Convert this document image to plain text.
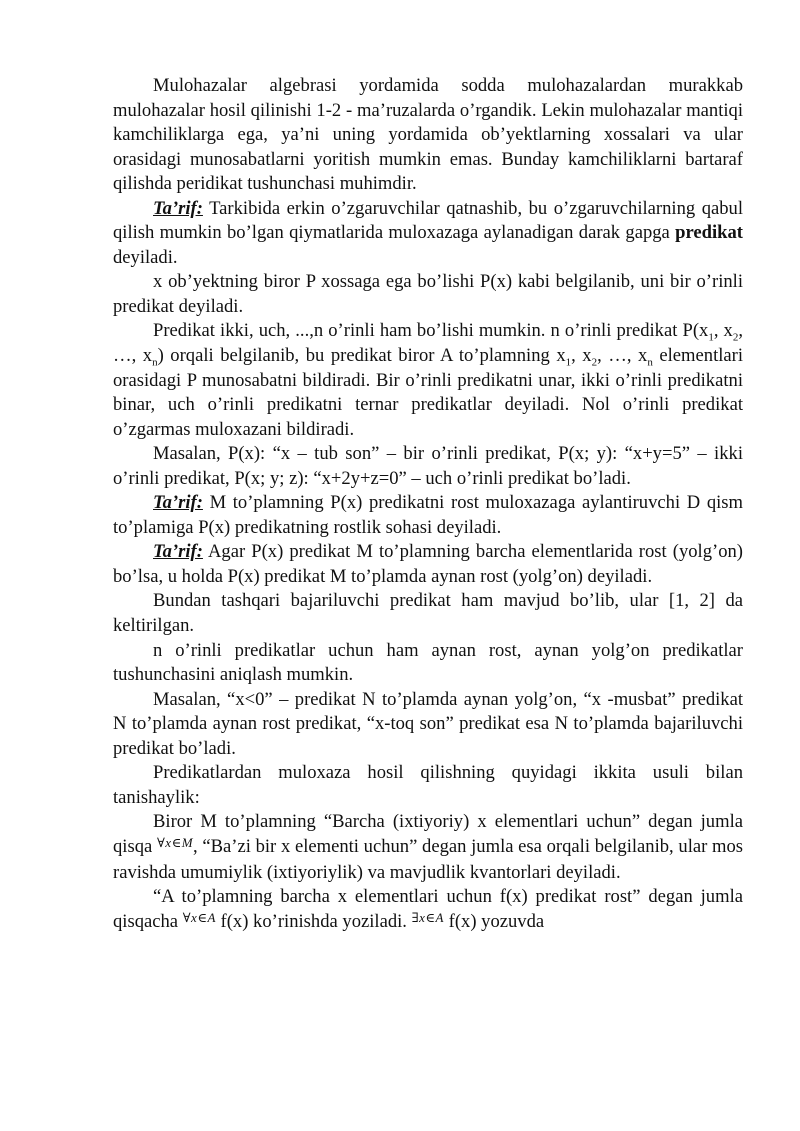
Mulohazalar algebrasi yordamida sodda mulohazalardan murakkab mulohazalar hosil qilinishi 1-2 - ma’ruzalarda o’rgandik. Lekin mulohazalar mantiqi kamchiliklarga ega, ya’ni uning yordamida ob’yektlarning xossalari va ular orasidagi munosabatlarni yoritish mumkin emas. Bunday kamchiliklarni bartaraf qilishda peridikat tushunchasi muhimdir.

Ta’rif: Tarkibida erkin o’zgaruvchilar qatnashib, bu o’zgaruvchilarning qabul qilish mumkin bo’lgan qiymatlarida muloxazaga aylanadigan darak gapga predikat deyiladi.

x ob’yektning biror P xossaga ega bo’lishi P(x) kabi belgilanib, uni bir o’rinli predikat deyiladi.

Predikat ikki, uch, ...,n o’rinli ham bo’lishi mumkin. n o’rinli predikat $P(x_1$, $x_2$, …, $x_n$) orqali belgilanib, bu predikat biror A to’plamning $x_1$, $x_2$, …, $x_n$ elementlari orasidagi P munosabatni bildiradi. Bir o’rinli predikatni unar, ikki o’rinli predikatni binar, uch o’rinli predikatni ternar predikatlar deyiladi. Nol o’rinli predikat o’zgarmas muloxazani bildiradi.

Masalan, P(x): “x – tub son” – bir o’rinli predikat, P(x; y): “x+y=5” – ikki o’rinli predikat, P(x; y; z): “x+2y+z=0” – uch o’rinli predikat bo’ladi.

Ta’rif: M to’plamning P(x) predikatni rost muloxazaga aylantiruvchi D qism to’plamiga P(x) predikatning rostlik sohasi deyiladi.

Ta’rif: Agar P(x) predikat M to’plamning barcha elementlarida rost (yolg’on) bo’lsa, u holda P(x) predikat M to’plamda aynan rost (yolg’on) deyiladi.

Bundan tashqari bajariluvchi predikat ham mavjud bo’lib, ular [1, 2] da keltirilgan.

n o’rinli predikatlar uchun ham aynan rost, aynan yolg’on predikatlar tushunchasini aniqlash mumkin.

Masalan, “x<0” – predikat N to’plamda aynan yolg’on, “x -musbat” predikat N to’plamda aynan rost predikat, “x-toq son” predikat esa N to’plamda bajariluvchi predikat bo’ladi.

Predikatlardan muloxaza hosil qilishning quyidagi ikkita usuli bilan tanishaylik:

Biror M to’plamning “Barcha (ixtiyoriy) x elementlari uchun” degan jumla qisqa $^{\forall x\in M}$, “Ba’zi bir x elementi uchun” degan jumla esa orqali belgilanib, ular mos ravishda umumiylik (ixtiyoriylik) va mavjudlik kvantorlari deyiladi.

“A to’plamning barcha x elementlari uchun f(x) predikat rost” degan jumla qisqacha $^{\forall x\in A}$ f(x) ko’rinishda yoziladi. $^{\exists x\in A}$ f(x) yozuvda
